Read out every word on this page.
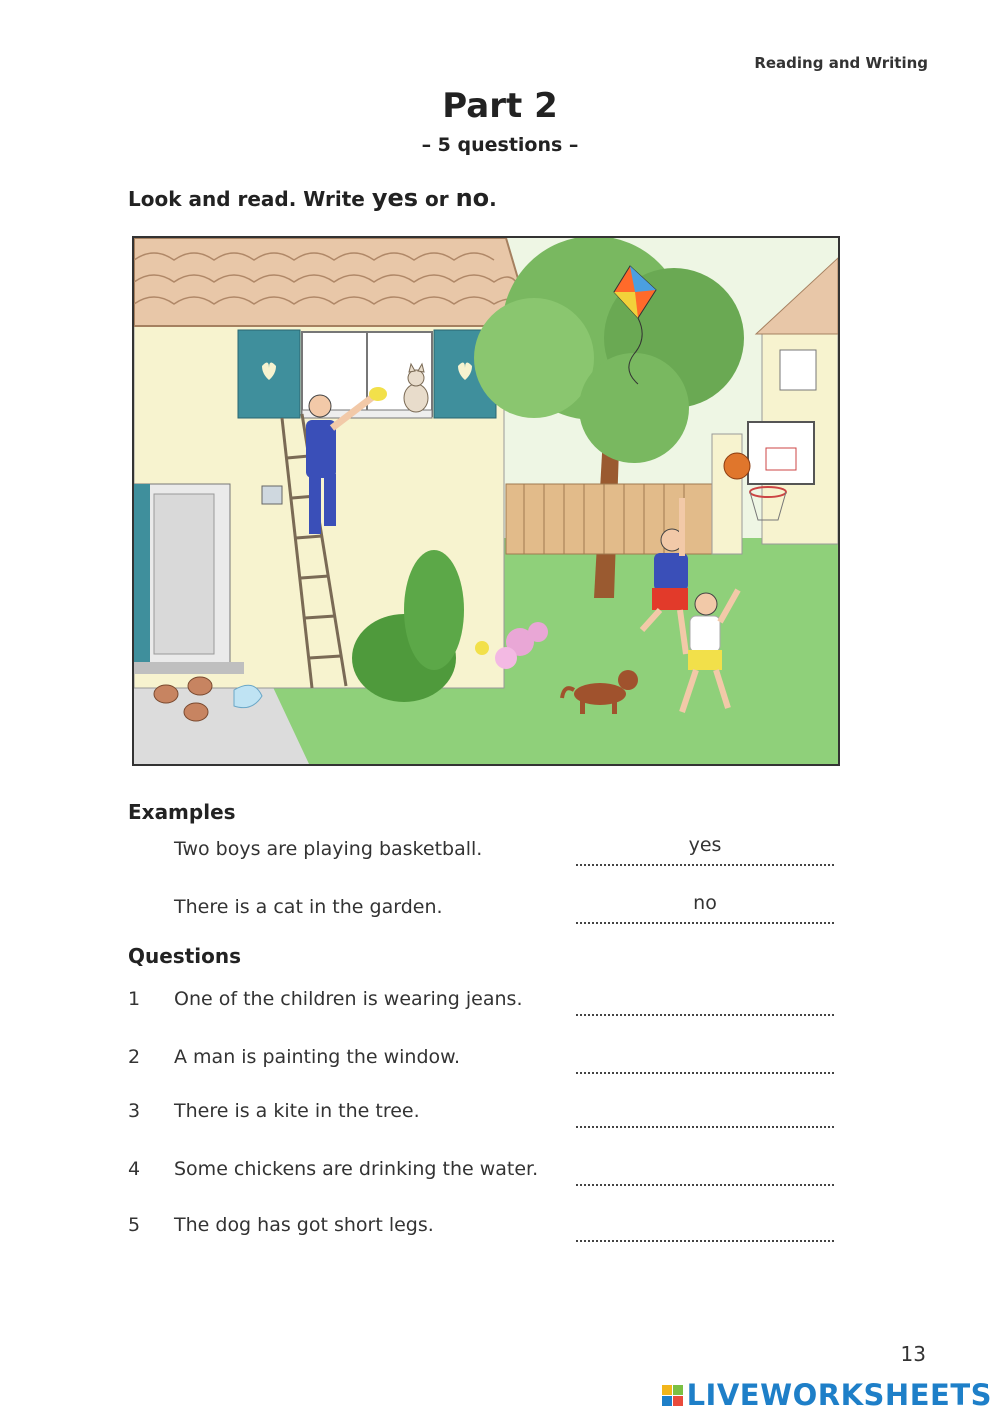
Reading and Writing
Part 2
– 5 questions –
Look and read. Write yes or no.
Examples
Two boys are playing basketball.	yes
There is a cat in the garden.	no
Questions
1 One of the children is wearing jeans.
2 A man is painting the window.
3 There is a kite in the tree.
4 Some chickens are drinking the water.
5 The dog has got short legs.
13
LIVEWORKSHEETS
